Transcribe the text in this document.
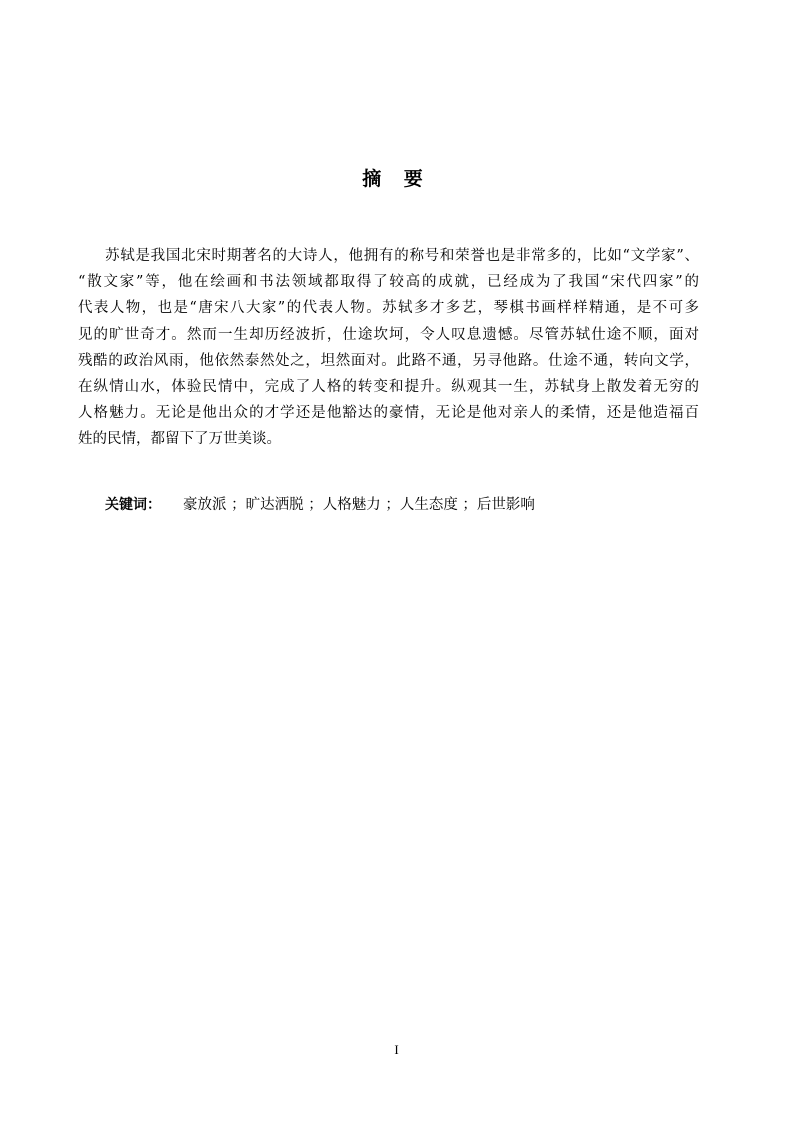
摘 要
苏轼是我国北宋时期著名的大诗人，他拥有的称号和荣誉也是非常多的，比如“文学家”、
“散文家”等，他在绘画和书法领域都取得了较高的成就，已经成为了我国“宋代四家”的
代表人物，也是“唐宋八大家”的代表人物。苏轼多才多艺，琴棋书画样样精通，是不可多
见的旷世奇才。然而一生却历经波折，仕途坎坷，令人叹息遗憾。尽管苏轼仕途不顺，面对
残酷的政治风雨，他依然泰然处之，坦然面对。此路不通，另寻他路。仕途不通，转向文学，
在纵情山水，体验民情中，完成了人格的转变和提升。纵观其一生，苏轼身上散发着无穷的
人格魅力。无论是他出众的才学还是他豁达的豪情，无论是他对亲人的柔情，还是他造福百
姓的民情，都留下了万世美谈。
关键词： 豪放派 ；旷达洒脱 ；人格魅力 ；人生态度 ；后世影响
I
